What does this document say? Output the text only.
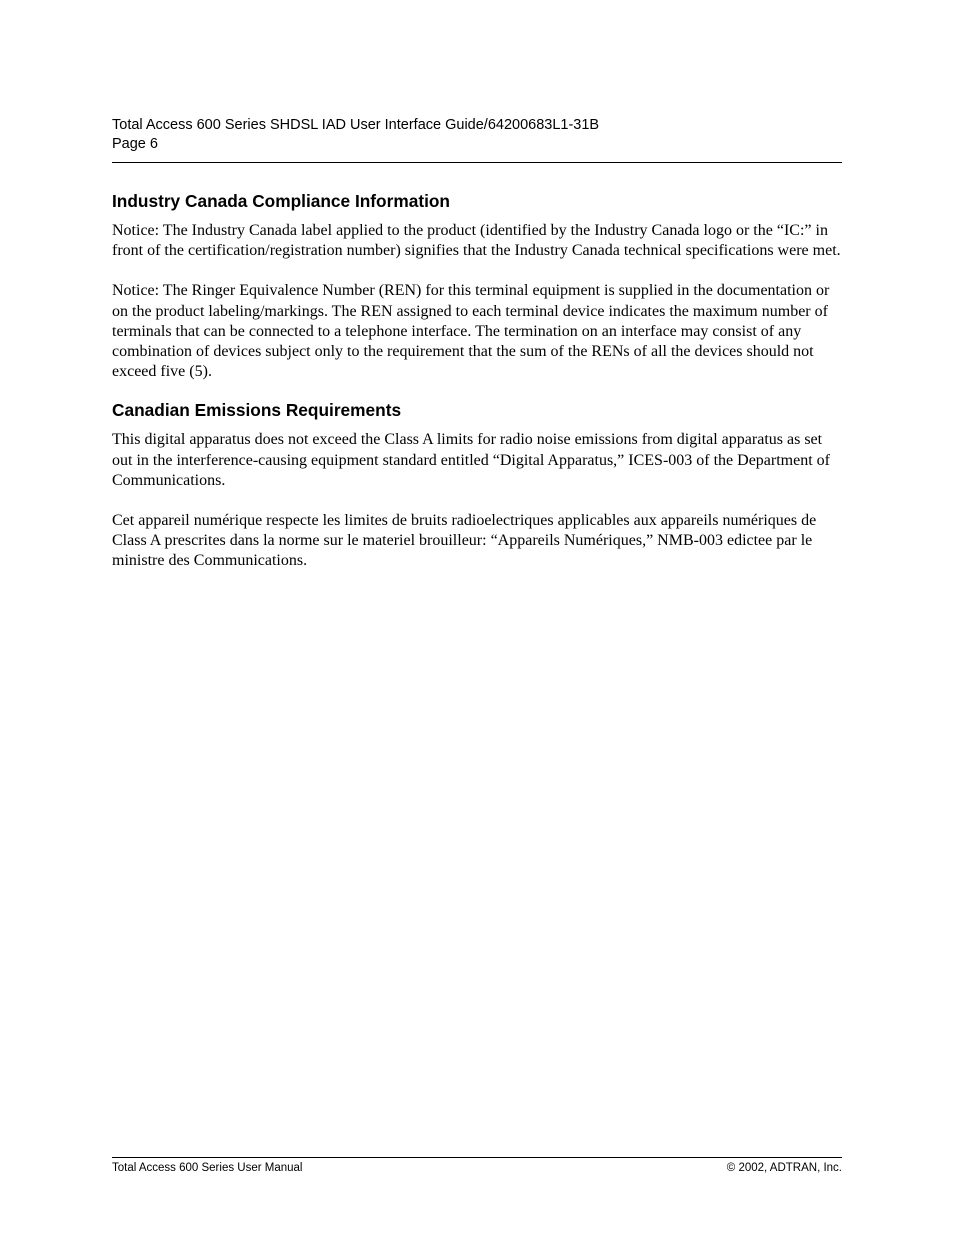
Total Access 600 Series SHDSL IAD User Interface Guide/64200683L1-31B
Page 6
Industry Canada Compliance Information

Notice: The Industry Canada label applied to the product (identified by the Industry Canada logo or the “IC:” in front of the certification/registration number) signifies that the Industry Canada technical specifications were met.

Notice: The Ringer Equivalence Number (REN) for this terminal equipment is supplied in the documentation or on the product labeling/markings. The REN assigned to each terminal device indicates the maximum number of terminals that can be connected to a telephone interface. The termination on an interface may consist of any combination of devices subject only to the requirement that the sum of the RENs of all the devices should not exceed five (5).

Canadian Emissions Requirements

This digital apparatus does not exceed the Class A limits for radio noise emissions from digital apparatus as set out in the interference-causing equipment standard entitled “Digital Apparatus,” ICES-003 of the Department of Communications.

Cet appareil numérique respecte les limites de bruits radioelectriques applicables aux appareils numériques de Class A prescrites dans la norme sur le materiel brouilleur: “Appareils Numériques,” NMB-003 edictee par le ministre des Communications.

Total Access 600 Series User Manual	© 2002, ADTRAN, Inc.
